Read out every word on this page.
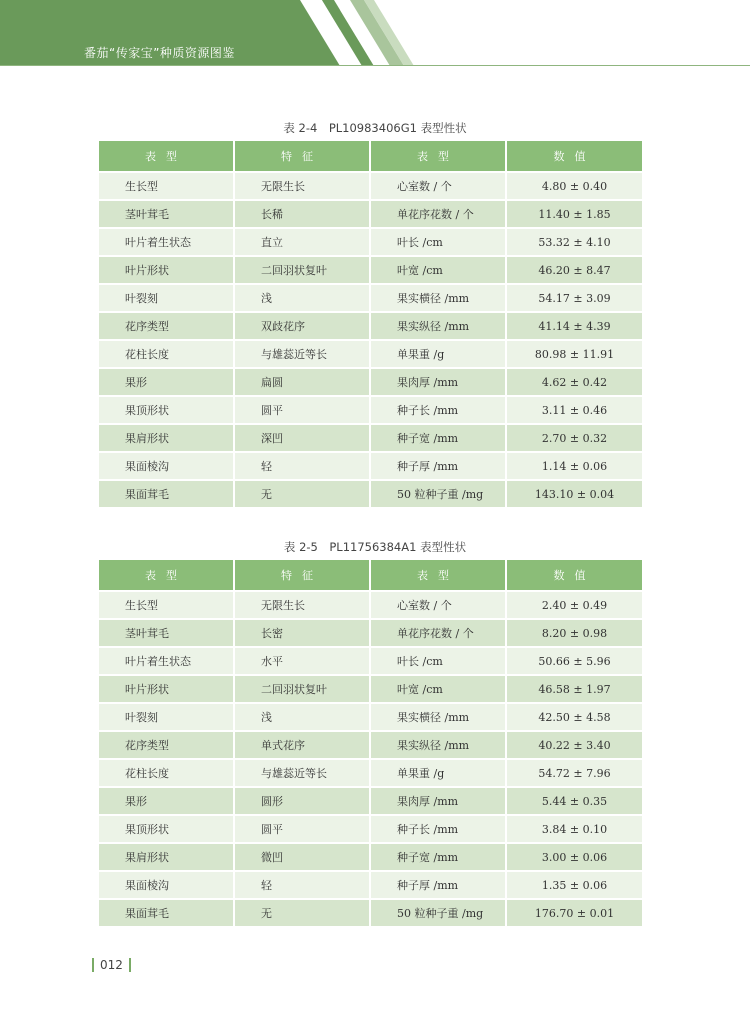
番茄“传家宝”种质资源图鉴
表 2-4　PL10983406G1 表型性状
表型	特征	表型	数值
生长型	无限生长	心室数 / 个	4.80 ± 0.40
茎叶茸毛	长稀	单花序花数 / 个	11.40 ± 1.85
叶片着生状态	直立	叶长 /cm	53.32 ± 4.10
叶片形状	二回羽状复叶	叶宽 /cm	46.20 ± 8.47
叶裂刻	浅	果实横径 /mm	54.17 ± 3.09
花序类型	双歧花序	果实纵径 /mm	41.14 ± 4.39
花柱长度	与雄蕊近等长	单果重 /g	80.98 ± 11.91
果形	扁圆	果肉厚 /mm	4.62 ± 0.42
果顶形状	圆平	种子长 /mm	3.11 ± 0.46
果肩形状	深凹	种子宽 /mm	2.70 ± 0.32
果面棱沟	轻	种子厚 /mm	1.14 ± 0.06
果面茸毛	无	50 粒种子重 /mg	143.10 ± 0.04
表 2-5　PL11756384A1 表型性状
表型	特征	表型	数值
生长型	无限生长	心室数 / 个	2.40 ± 0.49
茎叶茸毛	长密	单花序花数 / 个	8.20 ± 0.98
叶片着生状态	水平	叶长 /cm	50.66 ± 5.96
叶片形状	二回羽状复叶	叶宽 /cm	46.58 ± 1.97
叶裂刻	浅	果实横径 /mm	42.50 ± 4.58
花序类型	单式花序	果实纵径 /mm	40.22 ± 3.40
花柱长度	与雄蕊近等长	单果重 /g	54.72 ± 7.96
果形	圆形	果肉厚 /mm	5.44 ± 0.35
果顶形状	圆平	种子长 /mm	3.84 ± 0.10
果肩形状	微凹	种子宽 /mm	3.00 ± 0.06
果面棱沟	轻	种子厚 /mm	1.35 ± 0.06
果面茸毛	无	50 粒种子重 /mg	176.70 ± 0.01
012
